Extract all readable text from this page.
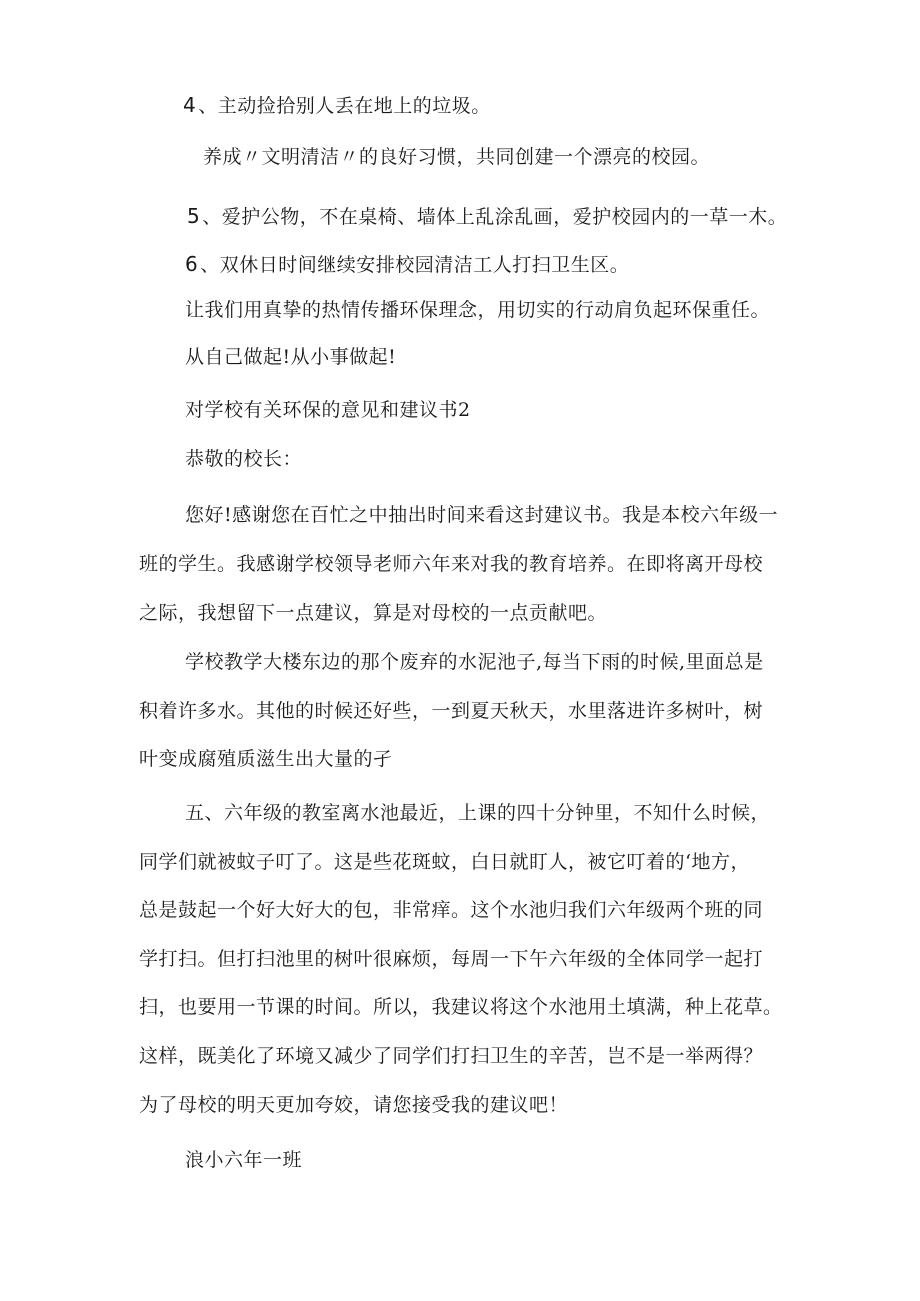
4 、主动捡拾别人丢在地上的垃圾。
养成〃文明清洁〃的良好习惯，共同创建一个漂亮的校园。
5 、爱护公物，不在桌椅、墙体上乱涂乱画，爱护校园内的一草一木。
6 、双休日时间继续安排校园清洁工人打扫卫生区。
让我们用真挚的热情传播环保理念，用切实的行动肩负起环保重任。
从自己做起!从小事做起!
对学校有关环保的意见和建议书2
恭敬的校长：
您好!感谢您在百忙之中抽出时间来看这封建议书。我是本校六年级一
班的学生。我感谢学校领导老师六年来对我的教育培养。在即将离开母校
之际，我想留下一点建议，算是对母校的一点贡献吧。
学校教学大楼东边的那个废弃的水泥池子,每当下雨的时候,里面总是
积着许多水。其他的时候还好些，一到夏天秋天，水里落进许多树叶，树
叶变成腐殖质滋生出大量的孑
五、六年级的教室离水池最近，上课的四十分钟里，不知什么时候，
同学们就被蚊子叮了。这是些花斑蚊，白日就盯人，被它叮着的‘地方，
总是鼓起一个好大好大的包，非常痒。这个水池归我们六年级两个班的同
学打扫。但打扫池里的树叶很麻烦，每周一下午六年级的全体同学一起打
扫，也要用一节课的时间。所以，我建议将这个水池用土填满，种上花草。
这样，既美化了环境又减少了同学们打扫卫生的辛苦，岂不是一举两得？
为了母校的明天更加夸姣，请您接受我的建议吧！
浪小六年一班
